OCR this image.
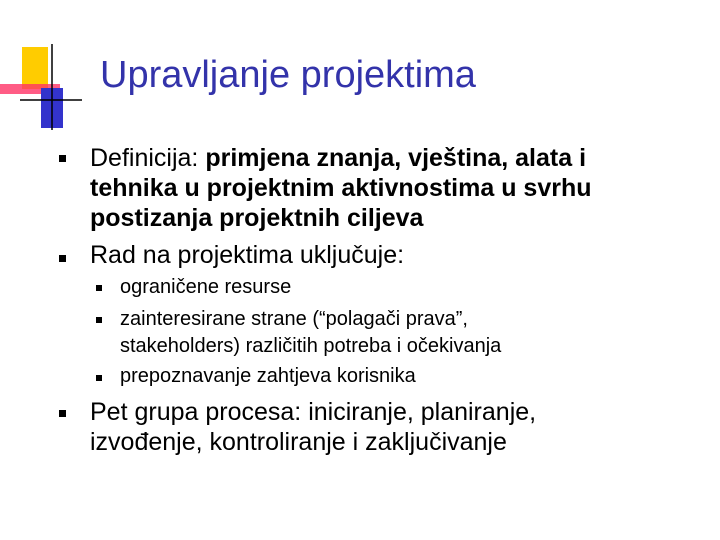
Upravljanje projektima
Definicija: primjena znanja, vještina, alata i
tehnika u projektnim aktivnostima u svrhu
postizanja projektnih ciljeva
Rad na projektima uključuje:
ograničene resurse
zainteresirane strane (“polagači prava”,
stakeholders) različitih potreba i očekivanja
prepoznavanje zahtjeva korisnika
Pet grupa procesa: iniciranje, planiranje,
izvođenje, kontroliranje i zaključivanje
